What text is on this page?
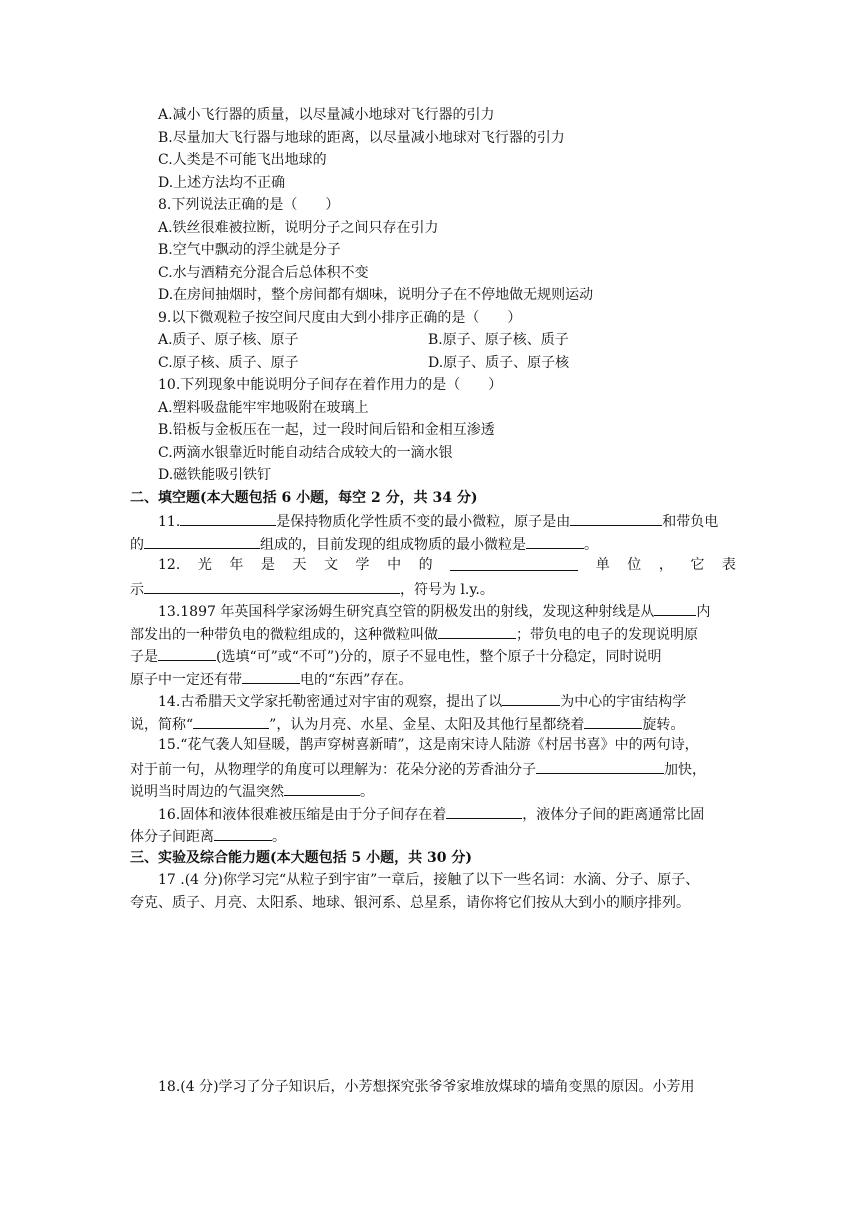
A.减小飞行器的质量，以尽量减小地球对飞行器的引力
B.尽量加大飞行器与地球的距离，以尽量减小地球对飞行器的引力
C.人类是不可能飞出地球的
D.上述方法均不正确
8.下列说法正确的是（　　）
A.铁丝很难被拉断，说明分子之间只存在引力
B.空气中飘动的浮尘就是分子
C.水与酒精充分混合后总体积不变
D.在房间抽烟时，整个房间都有烟味，说明分子在不停地做无规则运动
9.以下微观粒子按空间尺度由大到小排序正确的是（　　）
A.质子、原子核、原子	B.原子、原子核、质子
C.原子核、质子、原子	D.原子、质子、原子核
10.下列现象中能说明分子间存在着作用力的是（　　）
A.塑料吸盘能牢牢地吸附在玻璃上
B.铅板与金板压在一起，过一段时间后铅和金相互渗透
C.两滴水银靠近时能自动结合成较大的一滴水银
D.磁铁能吸引铁钉
二、填空题(本大题包括 6 小题，每空 2 分，共 34 分)
11.	是保持物质化学性质不变的最小微粒，原子是由	和带负电
的	组成的，目前发现的组成物质的最小微粒是	。
12. 光 年 是 天 文 学 中 的	单 位 ， 它 表
示	，符号为 l.y.。
13.1897 年英国科学家汤姆生研究真空管的阴极发出的射线，发现这种射线是从	内
部发出的一种带负电的微粒组成的，这种微粒叫做	；带负电的电子的发现说明原
子是	(选填“可”或“不可”)分的，原子不显电性，整个原子十分稳定，同时说明
原子中一定还有带	电的“东西”存在。
14.古希腊天文学家托勒密通过对宇宙的观察，提出了以	为中心的宇宙结构学
说，简称“	”，认为月亮、水星、金星、太阳及其他行星都绕着	旋转。
15.“花气袭人知昼暖，鹊声穿树喜新晴”，这是南宋诗人陆游《村居书喜》中的两句诗，
对于前一句，从物理学的角度可以理解为：花朵分泌的芳香油分子	加快，
说明当时周边的气温突然	。
16.固体和液体很难被压缩是由于分子间存在着	，液体分子间的距离通常比固
体分子间距离	。
三、实验及综合能力题(本大题包括 5 小题，共 30 分)
17 .(4 分)你学习完“从粒子到宇宙”一章后，接触了以下一些名词：水滴、分子、原子、
夸克、质子、月亮、太阳系、地球、银河系、总星系，请你将它们按从大到小的顺序排列。
18.(4 分)学习了分子知识后，小芳想探究张爷爷家堆放煤球的墙角变黑的原因。小芳用
